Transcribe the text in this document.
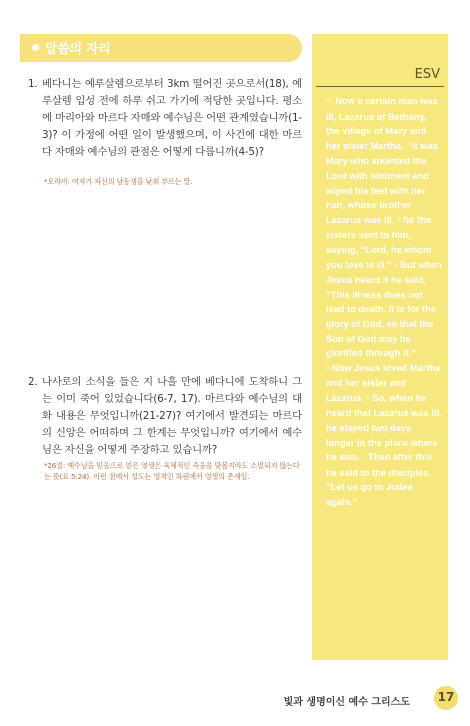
말씀의 자리
1. 베다니는 예루살렘으로부터 3km 떨어진 곳으로서(18), 예루살렘 입성 전에 하루 쉬고 가기에 적당한 곳입니다. 평소에 마리아와 마르다 자매와 예수님은 어떤 관계였습니까(1-3)? 이 가정에 어떤 일이 발생했으며, 이 사건에 대한 마르다 자매와 예수님의 관점은 어떻게 다릅니까(4-5)?
*오라비: 여자가 자신의 남동생을 낮춰 부르는 말.
2. 나사로의 소식을 들은 지 나흘 만에 베다니에 도착하니 그는 이미 죽어 있었습니다(6-7, 17). 마르다와 예수님의 대화 내용은 무엇입니까(21-27)? 여기에서 발견되는 마르다의 신앙은 어떠하며 그 한계는 무엇입니까? 여기에서 예수님은 자신을 어떻게 주장하고 있습니까?
*26절: 예수님을 믿음으로 얻은 영생은 육체적인 죽음을 맞볼지라도 소멸되지 않는다는 뜻(요 5:24). 이런 점에서 성도는 영적인 차원에서 영생의 존재임.
ESV
11 Now a certain man was ill, Lazarus of Bethany, the village of Mary and her sister Martha. 2 It was Mary who anointed the Lord with ointment and wiped his feet with her hair, whose brother Lazarus was ill. 3 So the sisters sent to him, saying, “Lord, he whom you love is ill.” 4 But when Jesus heard it he said, “This illness does not lead to death. It is for the glory of God, so that the Son of God may be glorified through it.” 5 Now Jesus loved Martha and her sister and Lazarus. 6 So, when he heard that Lazarus was ill, he stayed two days longer in the place where he was. 7 Then after this he said to the disciples, “Let us go to Judea again.”
빛과 생명이신 예수 그리스도	17
